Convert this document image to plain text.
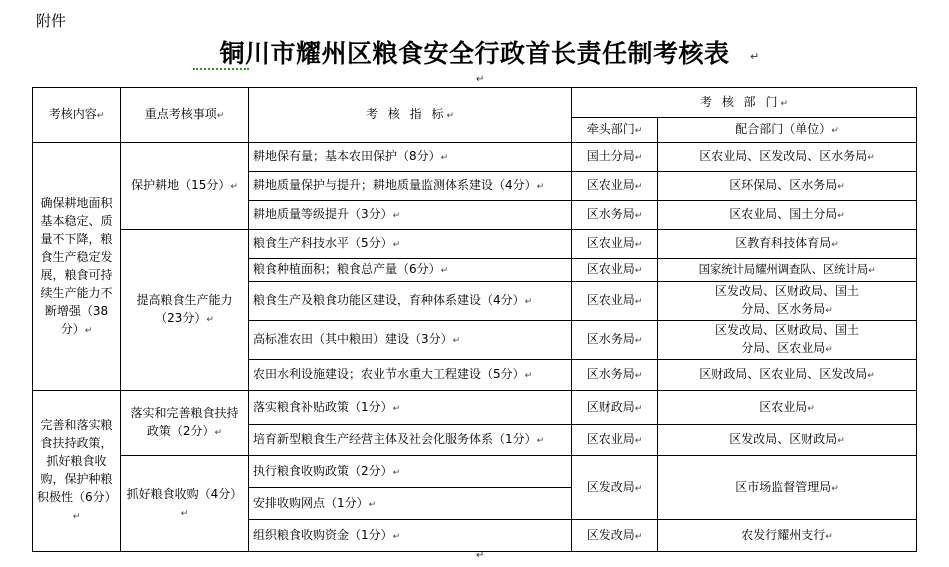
附件
铜川市耀州区粮食安全行政首长责任制考核表	↵
↵
↵
考核内容↵	重点考核事项↵	考 核 指 标↵	考 核 部 门↵	
			牵头部门↵	配合部门（单位）↵
确保耕地面积基本稳定、质量不下降，粮食生产稳定发展，粮食可持续生产能力不断增强（38分）↵	保护耕地（15分）↵	耕地保有量；基本农田保护（8分）↵	国土分局↵	区农业局、区发改局、区水务局↵
		耕地质量保护与提升；耕地质量监测体系建设（4分）↵	区农业局↵	区环保局、区水务局↵
		耕地质量等级提升（3分）↵	区水务局↵	区农业局、国土分局↵
	提高粮食生产能力（23分）↵	粮食生产科技水平（5分）↵	区农业局↵	区教育科技体育局↵
		粮食种植面积；粮食总产量（6分）↵	区农业局↵	国家统计局耀州调查队、区统计局↵
		粮食生产及粮食功能区建设，育种体系建设（4分）↵	区农业局↵	区发改局、区财政局、国土分局、区水务局↵
		高标准农田（其中粮田）建设（3分）↵	区水务局↵	区发改局、区财政局、国土分局、区农业局↵
		农田水利设施建设；农业节水重大工程建设（5分）↵	区水务局↵	区财政局、区农业局、区发改局↵
完善和落实粮食扶持政策，抓好粮食收购，保护种粮积极性（6分）↵	落实和完善粮食扶持政策（2分）↵	落实粮食补贴政策（1分）↵	区财政局↵	区农业局↵
		培育新型粮食生产经营主体及社会化服务体系（1分）↵	区农业局↵	区发改局、区财政局↵
	抓好粮食收购（4分）↵	执行粮食收购政策（2分）↵	区发改局↵	区市场监督管理局↵
		安排收购网点（1分）↵		
		组织粮食收购资金（1分）↵	区发改局↵	农发行耀州支行↵
